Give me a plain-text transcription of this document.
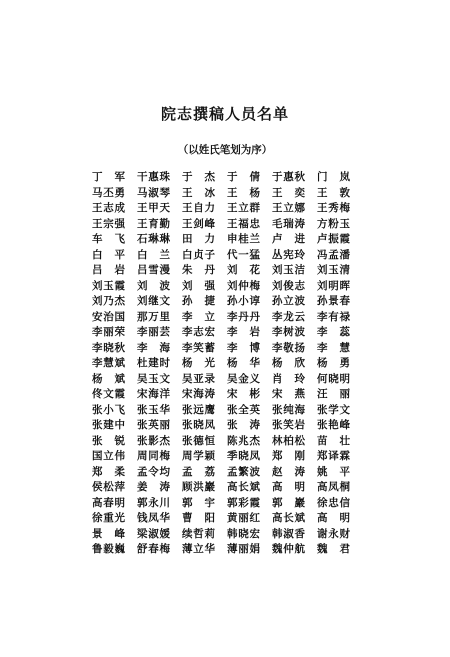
院志撰稿人员名单
（以姓氏笔划为序）
丁 军 干惠珠 于 杰 于 倩 于惠秋 门 岚
马丕勇 马淑琴 王 冰 王 杨 王 奕 王 敦
王志成 王甲天 王自力 王立群 王立娜 王秀梅
王宗强 王育勤 王剑峰 王福忠 毛瑞涛 方粉玉
车 飞 石琳琳 田 力 申桂兰 卢 进 卢振霞
白 平 白 兰 白贞子 代一猛 丛宪玲 冯孟潘
吕 岩 吕雪漫 朱 丹 刘 花 刘玉洁 刘玉清
刘玉霞 刘 波 刘 强 刘仲梅 刘俊志 刘明晖
刘乃杰 刘继文 孙 捷 孙小谆 孙立波 孙景春
安治国 那万里 李 立 李丹丹 李龙云 李有禄
李丽荣 李丽芸 李志宏 李 岩 李树波 李 蕊
李晓秋 李 海 李笑蓄 李 博 李敬扬 李 慧
李慧斌 杜建时 杨光 杨 华 杨 欣 杨 勇
杨 斌 吴玉文 吴亚录 吴金义 肖 玲 何晓明
佟文霞 宋海洋 宋海涛 宋 彬 宋 燕 汪 丽
张小飞 张玉华 张远鹰 张全英 张纯海 张学文
张建中 张英丽 张晓凤 张 涛 张笑岩 张艳峰
张 锐 张影杰 张德恒 陈兆杰 林柏松 苗 壮
国立伟 周同梅 周学颖 季晓凤 郑 刚 郑译霖
郑 柔 孟令均 孟 荔 孟繁波 赵 涛 姚 平
侯松萍 姜 涛 顾洪巖 高长斌 高 明 高凤桐
高春明 郭永川 郭 宇 郭彩霞 郭 巖 徐忠信
徐重光 钱凤华 曹 阳 黄丽红 高长斌 高 明
景 峰 梁淑媛 续哲莉 韩晓宏 韩淑香 谢永财
鲁毅巍 舒春梅 薄立华 薄丽娟 魏仲航 魏 君
